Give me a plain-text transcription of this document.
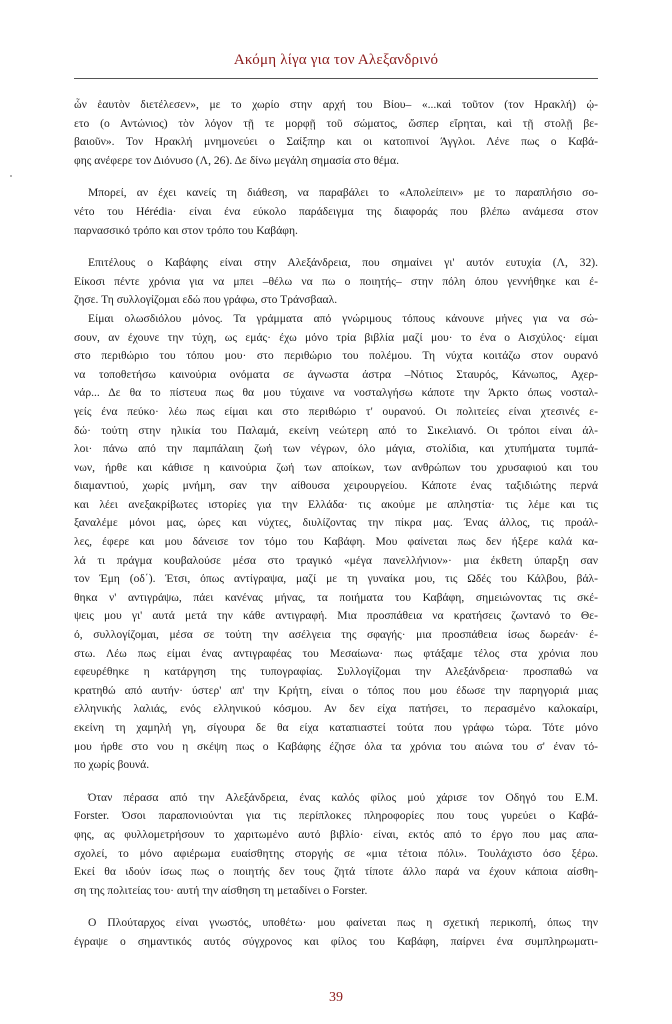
Ακόμη λίγα για τον Αλεξανδρινό
ὧν ἑαυτὸν διετέλεσεν», με το χωρίο στην αρχή του Βίου– «...καὶ τοῦτον (τον Ηρακλή) ᾠ-
ετο (ο Αντώνιος) τὸν λόγον τῇ τε μορφῇ τοῦ σώματος, ὥσπερ εἴρηται, καὶ τῇ στολῇ βε-
βαιοῦν». Τον Ηρακλή μνημονεύει ο Σαίξπηρ και οι κατοπινοί Άγγλοι. Λένε πως ο Καβά-
φης ανέφερε τον Διόνυσο (Λ, 26). Δε δίνω μεγάλη σημασία στο θέμα.
Μπορεί, αν έχει κανείς τη διάθεση, να παραβάλει το «Απολείπειν» με το παραπλήσιο σο-
νέτο του Hérédia· είναι ένα εύκολο παράδειγμα της διαφοράς που βλέπω ανάμεσα στον
παρνασσικό τρόπο και στον τρόπο του Καβάφη.
Επιτέλους ο Καβάφης είναι στην Αλεξάνδρεια, που σημαίνει γι' αυτόν ευτυχία (Λ, 32).
Είκοσι πέντε χρόνια για να μπει –θέλω να πω ο ποιητής– στην πόλη όπου γεννήθηκε και έ-
ζησε. Τη συλλογίζομαι εδώ που γράφω, στο Τράνσβααλ.
Είμαι ολωσδιόλου μόνος. Τα γράμματα από γνώριμους τόπους κάνουνε μήνες για να σώ-
σουν, αν έχουνε την τύχη, ως εμάς· έχω μόνο τρία βιβλία μαζί μου· το ένα ο Αισχύλος· είμαι
στο περιθώριο του τόπου μου· στο περιθώριο του πολέμου. Τη νύχτα κοιτάζω στον ουρανό
να τοποθετήσω καινούρια ονόματα σε άγνωστα άστρα –Νότιος Σταυρός, Κάνωπος, Αχερ-
νάρ... Δε θα το πίστευα πως θα μου τύχαινε να νοσταλγήσω κάποτε την Άρκτο όπως νοσταλ-
γείς ένα πεύκο· λέω πως είμαι και στο περιθώριο τ' ουρανού. Οι πολιτείες είναι χτεσινές ε-
δώ· τούτη στην ηλικία του Παλαμά, εκείνη νεώτερη από το Σικελιανό. Οι τρόποι είναι άλ-
λοι· πάνω από την παμπάλαιη ζωή των νέγρων, όλο μάγια, στολίδια, και χτυπήματα τυμπά-
νων, ήρθε και κάθισε η καινούρια ζωή των αποίκων, των ανθρώπων του χρυσαφιού και του
διαμαντιού, χωρίς μνήμη, σαν την αίθουσα χειρουργείου. Κάποτε ένας ταξιδιώτης περνά
και λέει ανεξακρίβωτες ιστορίες για την Ελλάδα· τις ακούμε με απληστία· τις λέμε και τις
ξαναλέμε μόνοι μας, ώρες και νύχτες, διυλίζοντας την πίκρα μας. Ένας άλλος, τις προάλ-
λες, έφερε και μου δάνεισε τον τόμο του Καβάφη. Μου φαίνεται πως δεν ήξερε καλά κα-
λά τι πράγμα κουβαλούσε μέσα στο τραγικό «μέγα πανελλήνιον»· μια έκθετη ύπαρξη σαν
τον Έμη (οδ΄). Έτσι, όπως αντίγραψα, μαζί με τη γυναίκα μου, τις Ωδές του Κάλβου, βάλ-
θηκα ν' αντιγράψω, πάει κανένας μήνας, τα ποιήματα του Καβάφη, σημειώνοντας τις σκέ-
ψεις μου γι' αυτά μετά την κάθε αντιγραφή. Μια προσπάθεια να κρατήσεις ζωντανό το Θε-
ό, συλλογίζομαι, μέσα σε τούτη την ασέλγεια της σφαγής· μια προσπάθεια ίσως δωρεάν· έ-
στω. Λέω πως είμαι ένας αντιγραφέας του Μεσαίωνα· πως φτάξαμε τέλος στα χρόνια που
εφευρέθηκε η κατάργηση της τυπογραφίας. Συλλογίζομαι την Αλεξάνδρεια· προσπαθώ να
κρατηθώ από αυτήν· ύστερ' απ' την Κρήτη, είναι ο τόπος που μου έδωσε την παρηγοριά μιας
ελληνικής λαλιάς, ενός ελληνικού κόσμου. Αν δεν είχα πατήσει, το περασμένο καλοκαίρι,
εκείνη τη χαμηλή γη, σίγουρα δε θα είχα καταπιαστεί τούτα που γράφω τώρα. Τότε μόνο
μου ήρθε στο νου η σκέψη πως ο Καβάφης έζησε όλα τα χρόνια του αιώνα του σ' έναν τό-
πο χωρίς βουνά.
Όταν πέρασα από την Αλεξάνδρεια, ένας καλός φίλος μού χάρισε τον Οδηγό του Ε.Μ.
Forster. Όσοι παραπονιούνται για τις περίπλοκες πληροφορίες που τους γυρεύει ο Καβά-
φης, ας φυλλομετρήσουν το χαριτωμένο αυτό βιβλίο· είναι, εκτός από το έργο που μας απα-
σχολεί, το μόνο αφιέρωμα ευαίσθητης στοργής σε «μια τέτοια πόλι». Τουλάχιστο όσο ξέρω.
Εκεί θα ιδούν ίσως πως ο ποιητής δεν τους ζητά τίποτε άλλο παρά να έχουν κάποια αίσθη-
ση της πολιτείας του· αυτή την αίσθηση τη μεταδίνει ο Forster.
Ο Πλούταρχος είναι γνωστός, υποθέτω· μου φαίνεται πως η σχετική περικοπή, όπως την
έγραψε ο σημαντικός αυτός σύγχρονος και φίλος του Καβάφη, παίρνει ένα συμπληρωματι-
39
